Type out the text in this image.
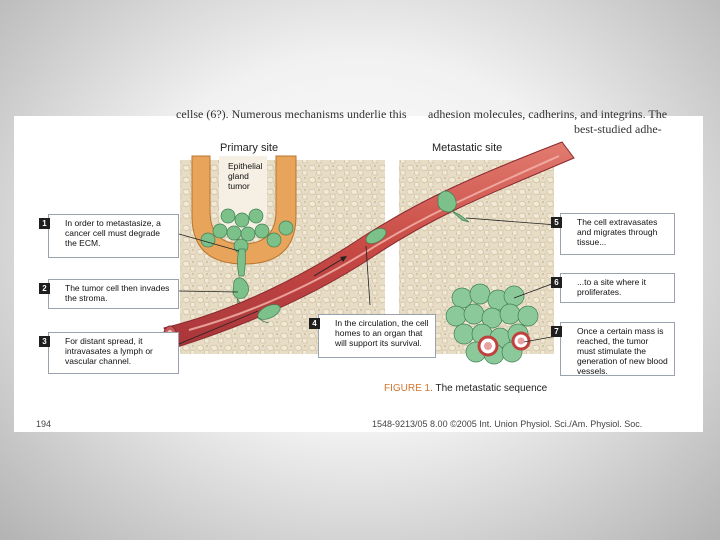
cellse (6?). Numerous mechanisms underlie this adhesion molecules, cadherins, and integrins. The
best-studied adhe-
Primary site	Metastatic site
Epithelial
gland
tumor
1	In order to metastasize, a cancer cell must degrade the ECM.
2	The tumor cell then invades the stroma.
3	For distant spread, it intravasates a lymph or vascular channel.
4	In the circulation, the cell homes to an organ that will support its survival.
5	The cell extravasates and migrates through tissue...
6	...to a site where it proliferates.
7	Once a certain mass is reached, the tumor must stimulate the generation of new blood vessels.
FIGURE 1. The metastatic sequence
194	1548-9213/05 8.00 ©2005 Int. Union Physiol. Sci./Am. Physiol. Soc.
